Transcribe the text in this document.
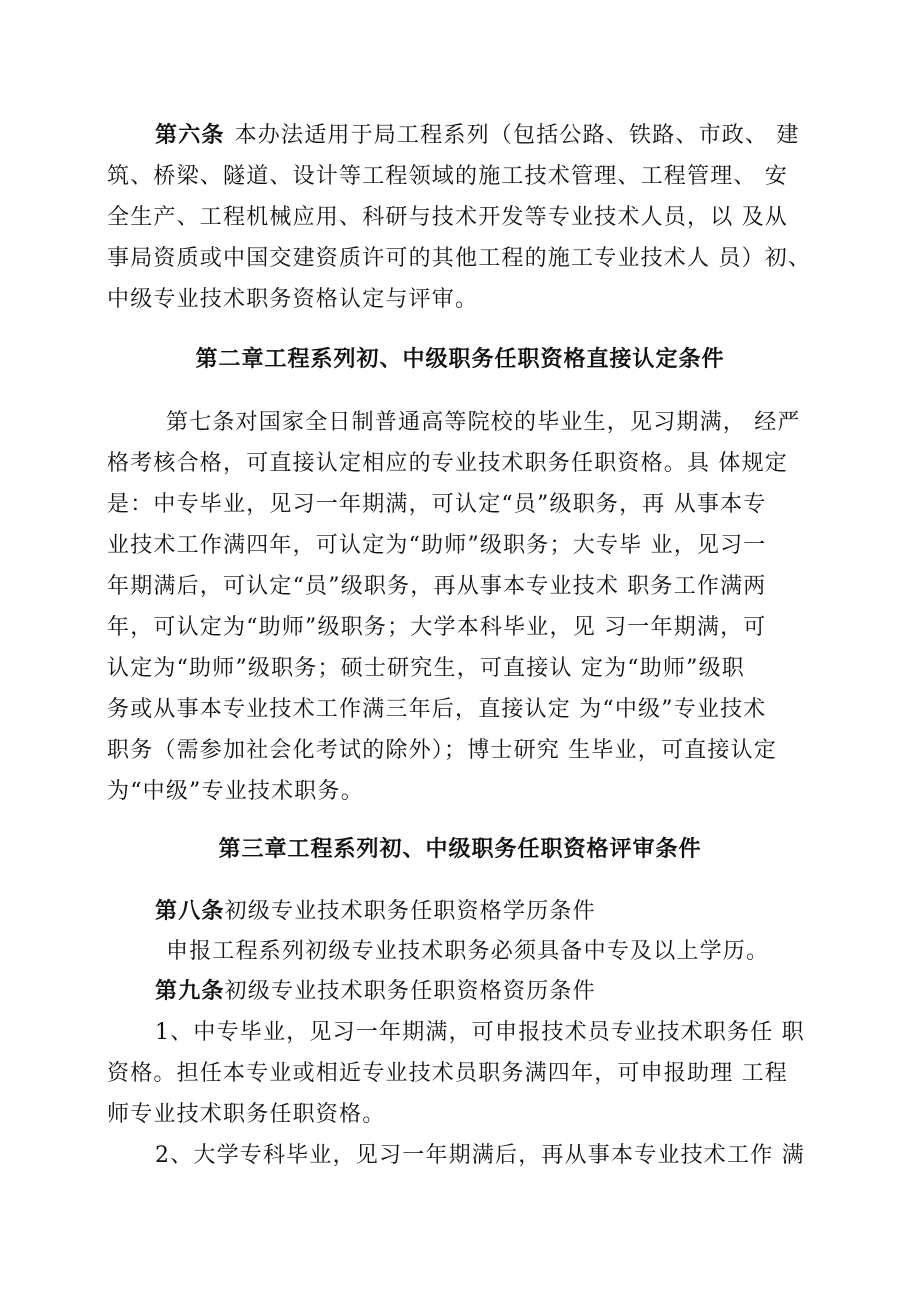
第六条 本办法适用于局工程系列（包括公路、铁路、市政、 建
筑、桥梁、隧道、设计等工程领域的施工技术管理、工程管理、 安
全生产、工程机械应用、科研与技术开发等专业技术人员，以 及从
事局资质或中国交建资质许可的其他工程的施工专业技术人 员）初、
中级专业技术职务资格认定与评审。
第二章工程系列初、中级职务任职资格直接认定条件
第七条对国家全日制普通高等院校的毕业生，见习期满， 经严
格考核合格，可直接认定相应的专业技术职务任职资格。具 体规定
是：中专毕业，见习一年期满，可认定“员”级职务，再 从事本专
业技术工作满四年，可认定为“助师”级职务；大专毕 业，见习一
年期满后，可认定“员”级职务，再从事本专业技术 职务工作满两
年，可认定为“助师”级职务；大学本科毕业，见 习一年期满，可
认定为“助师”级职务；硕士研究生，可直接认 定为“助师”级职
务或从事本专业技术工作满三年后，直接认定 为“中级”专业技术
职务（需参加社会化考试的除外）；博士研究 生毕业，可直接认定
为“中级”专业技术职务。
第三章工程系列初、中级职务任职资格评审条件
第八条初级专业技术职务任职资格学历条件
申报工程系列初级专业技术职务必须具备中专及以上学历。
第九条初级专业技术职务任职资格资历条件
1、中专毕业，见习一年期满，可申报技术员专业技术职务任 职
资格。担任本专业或相近专业技术员职务满四年，可申报助理 工程
师专业技术职务任职资格。
2、大学专科毕业，见习一年期满后，再从事本专业技术工作 满
